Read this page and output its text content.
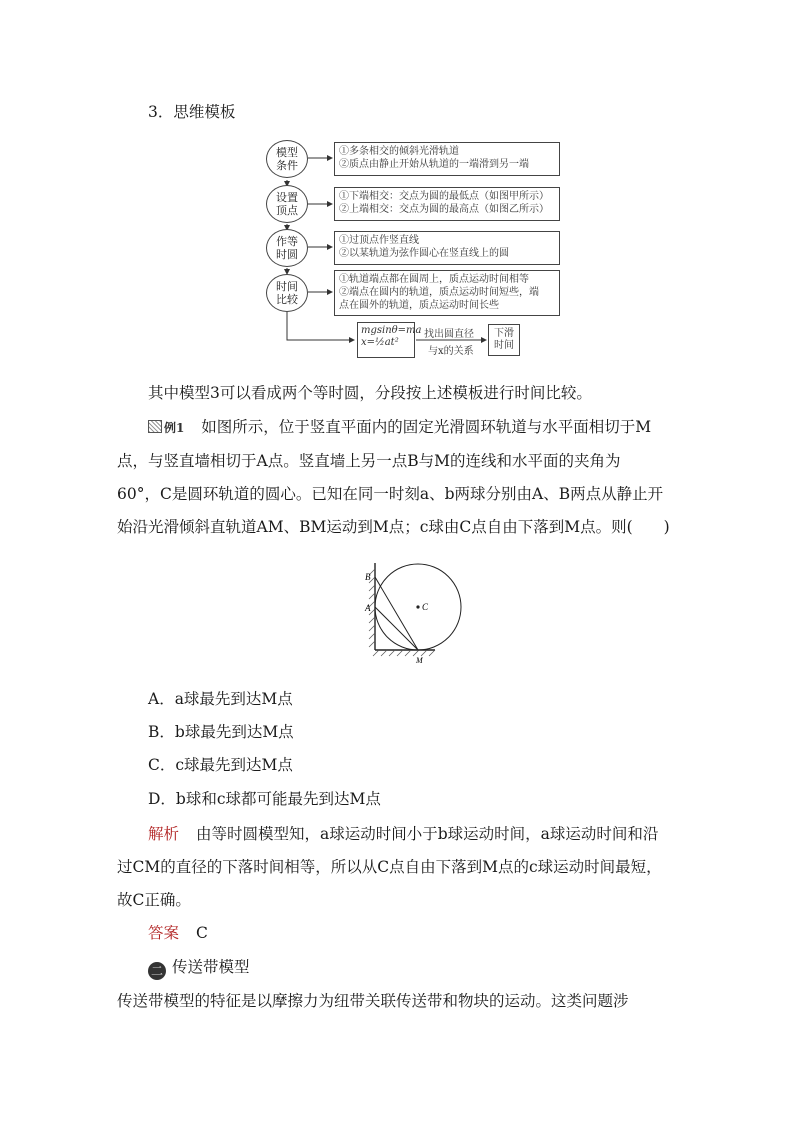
3．思维模板
模型条件
①多条相交的倾斜光滑轨道
②质点由静止开始从轨道的一端滑到另一端
设置顶点
①下端相交：交点为圆的最低点（如图甲所示）
②上端相交：交点为圆的最高点（如图乙所示）
作等时圆
①过顶点作竖直线
②以某轨道为弦作圆心在竖直线上的圆
时间比较
①轨道端点都在圆周上，质点运动时间相等
②端点在圆内的轨道，质点运动时间短些，端
点在圆外的轨道，质点运动时间长些
mgsinθ=ma
x=½at²
找出圆直径
与x的关系
下滑时间
其中模型3可以看成两个等时圆，分段按上述模板进行时间比较。
例1 如图所示，位于竖直平面内的固定光滑圆环轨道与水平面相切于M
点，与竖直墙相切于A点。竖直墙上另一点B与M的连线和水平面的夹角为
60°，C是圆环轨道的圆心。已知在同一时刻a、b两球分别由A、B两点从静止开
始沿光滑倾斜直轨道AM、BM运动到M点；c球由C点自由下落到M点。则(　　)
B
A	C
M
A．a球最先到达M点
B．b球最先到达M点
C．c球最先到达M点
D．b球和c球都可能最先到达M点
解析 由等时圆模型知，a球运动时间小于b球运动时间，a球运动时间和沿
过CM的直径的下落时间相等，所以从C点自由下落到M点的c球运动时间最短，
故C正确。
答案 C
二 传送带模型
传送带模型的特征是以摩擦力为纽带关联传送带和物块的运动。这类问题涉
